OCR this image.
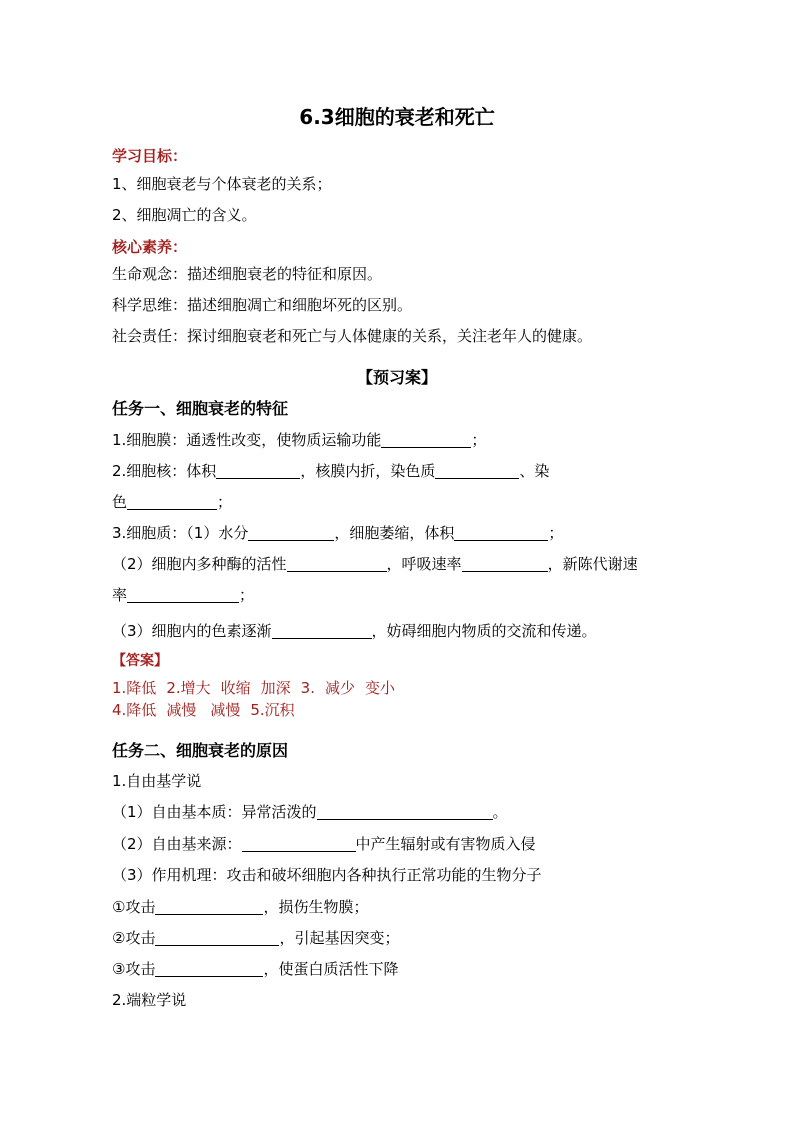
6.3细胞的衰老和死亡
学习目标：
1、细胞衰老与个体衰老的关系；
2、细胞凋亡的含义。
核心素养：
生命观念：描述细胞衰老的特征和原因。
科学思维：描述细胞凋亡和细胞坏死的区别。
社会责任：探讨细胞衰老和死亡与人体健康的关系，关注老年人的健康。
【预习案】
任务一、细胞衰老的特征
1.细胞膜：通透性改变，使物质运输功能	；
2.细胞核：体积	，核膜内折，染色质	、染
色	；
3.细胞质：（1）水分	，细胞萎缩，体积	；
（2）细胞内多种酶的活性	，呼吸速率	，新陈代谢速
率	；
（3）细胞内的色素逐渐	，妨碍细胞内物质的交流和传递。
【答案】
1.降低 2.增大 收缩 加深 3. 减少 变小
4.降低 减慢 减慢 5.沉积
任务二、细胞衰老的原因
1.自由基学说
（1）自由基本质：异常活泼的	。
（2）自由基来源：	中产生辐射或有害物质入侵
（3）作用机理：攻击和破坏细胞内各种执行正常功能的生物分子
①攻击	，损伤生物膜；
②攻击	，引起基因突变；
③攻击	，使蛋白质活性下降
2.端粒学说
